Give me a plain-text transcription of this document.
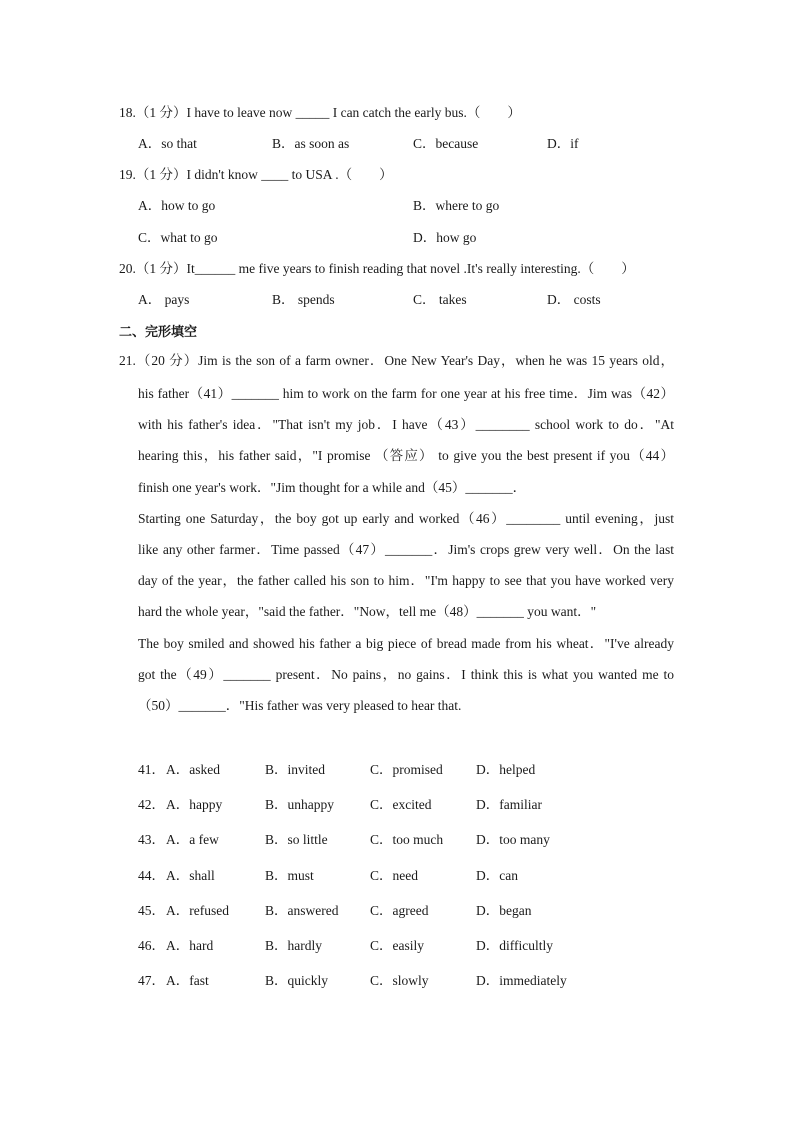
18.（1 分）I have to leave now _____ I can catch the early bus.（　　）
A．so that	B．as soon as	C．because	D．if
19.（1 分）I didn't know ____ to USA .（　　）
A．how to go	B．where to go
C．what to go	D．how go
20.（1 分）It______ me five years to finish reading that novel .It's really interesting.（　　）
A． pays	B． spends	C． takes	D． costs
二、完形填空
21.（20 分）Jim is the son of a farm owner．One New Year's Day，when he was 15 years old，
his father（41）_______ him to work on the farm for one year at his free time．Jim was（42）
with his father's idea．"That isn't my job．I have（43）________ school work to do．"At
hearing this，his father said，"I promise （答应） to give you the best present if you（44）
finish one year's work．"Jim thought for a while and（45）_______．
Starting one Saturday，the boy got up early and worked（46）________ until evening，just
like any other farmer．Time passed（47）_______．Jim's crops grew very well．On the last
day of the year，the father called his son to him．"I'm happy to see that you have worked very
hard the whole year，"said the father．"Now，tell me（48）_______ you want．"
The boy smiled and showed his father a big piece of bread made from his wheat．"I've already
got the（49）_______ present．No pains，no gains．I think this is what you wanted me to
（50）_______．"His father was very pleased to hear that.
41． A．asked	B．invited	C．promised D．helped
42． A．happy	B．unhappy	C．excited	D．familiar
43． A．a few	B．so little	C．too much D．too many
44． A．shall	B．must	C．need	D．can
45． A．refused	B．answered C．agreed	D．began
46． A．hard	B．hardly	C．easily	D．difficultly
47． A．fast	B．quickly	C．slowly	D．immediately
